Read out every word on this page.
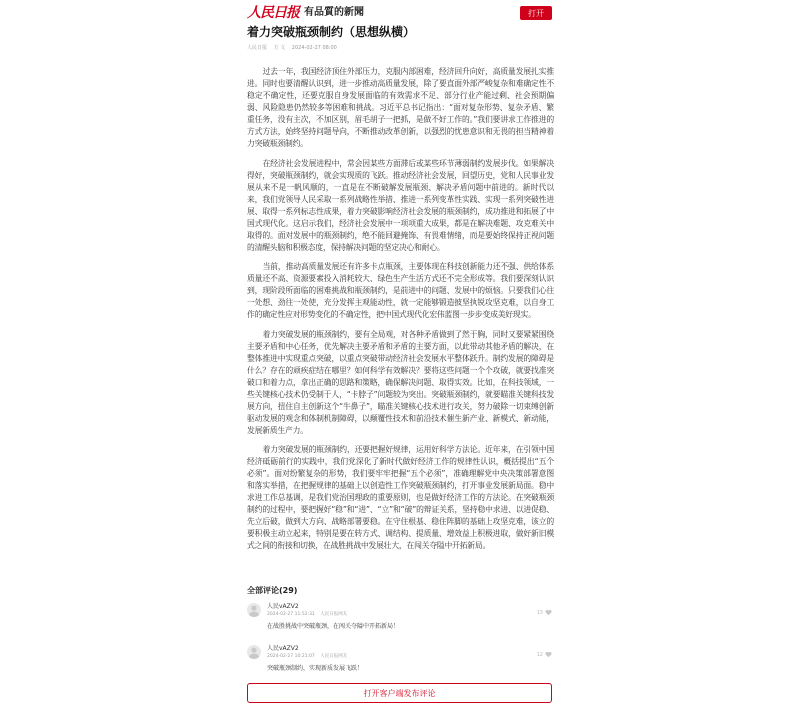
人民日报 有品質的新聞	打开
着力突破瓶颈制约（思想纵横）
人民日报 方 文 2024-02-27 08:00

过去一年，我国经济顶住外部压力，克服内部困难，经济回升向好，高质量发展扎实推进。同时也要清醒认识到，进一步推动高质量发展，除了要直面外部严峻复杂和难确定性不稳定不确定性，还要克服自身发展面临的有效需求不足、部分行业产能过剩、社会预期偏弱、风险隐患仍然较多等困难和挑战。习近平总书记指出：“面对复杂形势、复杂矛盾、繁重任务，没有主次，不加区别，眉毛胡子一把抓，是做不好工作的。”我们要讲求工作推进的方式方法，始终坚持问题导向，不断推动改革创新，以强烈的忧患意识和无畏的担当精神着力突破瓶颈制约。

在经济社会发展进程中，常会因某些方面滞后或某些环节薄弱制约发展步伐。如果解决得好，突破瓶颈制约，就会实现质的飞跃。推动经济社会发展，回望历史，党和人民事业发展从来不是一帆风顺的，一直是在不断破解发展瓶颈、解决矛盾问题中前进的。新时代以来，我们党领导人民采取一系列战略性举措、推进一系列变革性实践、实现一系列突破性进展、取得一系列标志性成果，着力突破影响经济社会发展的瓶颈制约，成功推进和拓展了中国式现代化。这启示我们，经济社会发展中一项项重大成果，都是在解决难题、攻克难关中取得的。面对发展中的瓶颈制约，绝不能回避掩饰、有畏难情绪，而是要始终保持正视问题的清醒头脑和积极态度，保持解决问题的坚定决心和耐心。

当前，推动高质量发展还有许多卡点瓶颈，主要体现在科技创新能力还不强、供给体系质量还不高、资源要素投入消耗较大、绿色生产生活方式还不完全形成等。我们要深刻认识到，现阶段所面临的困难挑战和瓶颈制约，是前进中的问题、发展中的烦恼。只要我们心往一处想、劲往一处使，充分发挥主观能动性，就一定能够锻造披坚执锐攻坚克难，以自身工作的确定性应对形势变化的不确定性，把中国式现代化宏伟蓝图一步步变成美好现实。

着力突破发展的瓶颈制约，要有全局观，对各种矛盾做到了然于胸，同时又要紧紧围绕主要矛盾和中心任务，优先解决主要矛盾和矛盾的主要方面，以此带动其他矛盾的解决，在整体推进中实现重点突破，以重点突破带动经济社会发展水平整体跃升。制约发展的障碍是什么？存在的顽疾症结在哪里？如何科学有效解决？要将这些问题一个个攻破，就要找准突破口和着力点，拿出正确的思路和策略，确保解决问题、取得实效。比如，在科技领域，一些关键核心技术仍受制于人，“卡脖子”问题较为突出。突破瓶颈制约，就要瞄准关键科技发展方向，扭住自主创新这个“牛鼻子”，瞄准关键核心技术进行攻关，努力破除一切束缚创新驱动发展的观念和体制机制障碍，以颠覆性技术和前沿技术催生新产业、新模式、新动能，发展新质生产力。

着力突破发展的瓶颈制约，还要把握好规律，运用好科学方法论。近年来，在引领中国经济砥砺前行的实践中，我们党深化了新时代做好经济工作的规律性认识，概括提出“五个必须”。面对纷繁复杂的形势，我们要牢牢把握“五个必须”，准确理解党中央决策部署意图和落实举措，在把握规律的基础上以创造性工作突破瓶颈制约，打开事业发展新局面。稳中求进工作总基调，是我们党治国理政的重要原则，也是做好经济工作的方法论。在突破瓶颈制约的过程中，要把握好“稳”和“进”、“立”和“破”的辩证关系，坚持稳中求进、以进促稳、先立后破，做到大方向、战略部署要稳。在守住根基、稳住阵脚的基础上攻坚克难，该立的要积极主动立起来，特别是要在转方式、调结构、提质量、增效益上积极进取，做好新旧模式之间的衔接和切换，在战胜挑战中发展壮大，在闯关夺隘中开拓新局。

全部评论(29)
人民vAZV2
2024-02-27 11:52:31 人民日报网友
在战胜挑战中突破瓶颈，在闯关夺隘中开拓新局！
13
人民vAZV2
2024-02-27 10:21:07 人民日报网友
突破瓶颈制约，实现新质发展飞跃！
12
打开客户端发布评论
